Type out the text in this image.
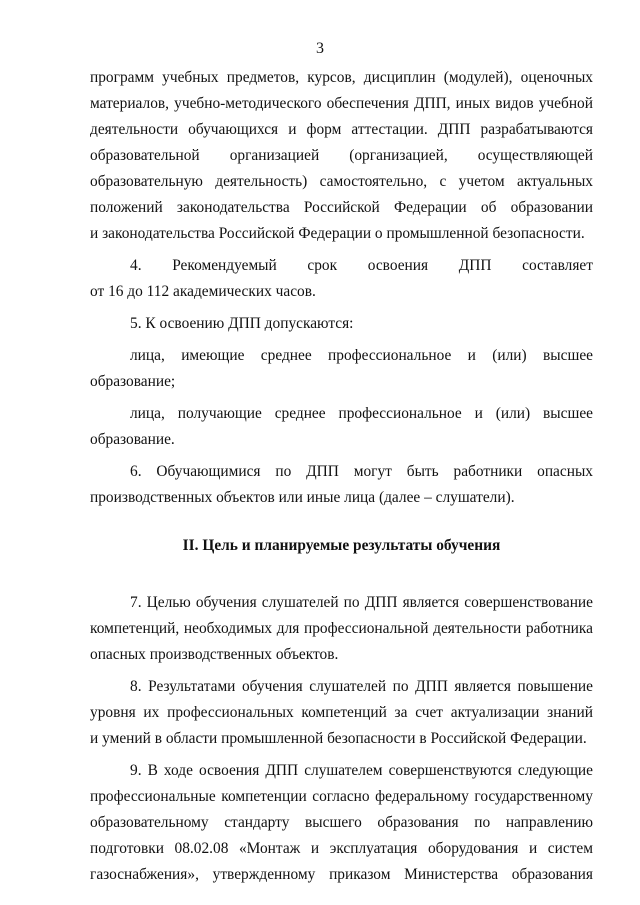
3

программ учебных предметов, курсов, дисциплин (модулей), оценочных

материалов, учебно-методического обеспечения ДПП, иных видов учебной

деятельности обучающихся и форм аттестации. ДПП разрабатываются

образовательной организацией (организацией, осуществляющей

образовательную деятельность) самостоятельно, с учетом актуальных

положений законодательства Российской Федерации об образовании

и законодательства Российской Федерации о промышленной безопасности.

4. Рекомендуемый срок освоения ДПП составляет

от 16 до 112 академических часов.

5. К освоению ДПП допускаются:

лица, имеющие среднее профессиональное и (или) высшее

образование;

лица, получающие среднее профессиональное и (или) высшее

образование.

6. Обучающимися по ДПП могут быть работники опасных

производственных объектов или иные лица (далее – слушатели).

II. Цель и планируемые результаты обучения

7. Целью обучения слушателей по ДПП является совершенствование

компетенций, необходимых для профессиональной деятельности работника

опасных производственных объектов.

8. Результатами обучения слушателей по ДПП является повышение

уровня их профессиональных компетенций за счет актуализации знаний

и умений в области промышленной безопасности в Российской Федерации.

9. В ходе освоения ДПП слушателем совершенствуются следующие

профессиональные компетенции согласно федеральному государственному

образовательному стандарту высшего образования по направлению

подготовки 08.02.08 «Монтаж и эксплуатация оборудования и систем

газоснабжения», утвержденному приказом Министерства образования
